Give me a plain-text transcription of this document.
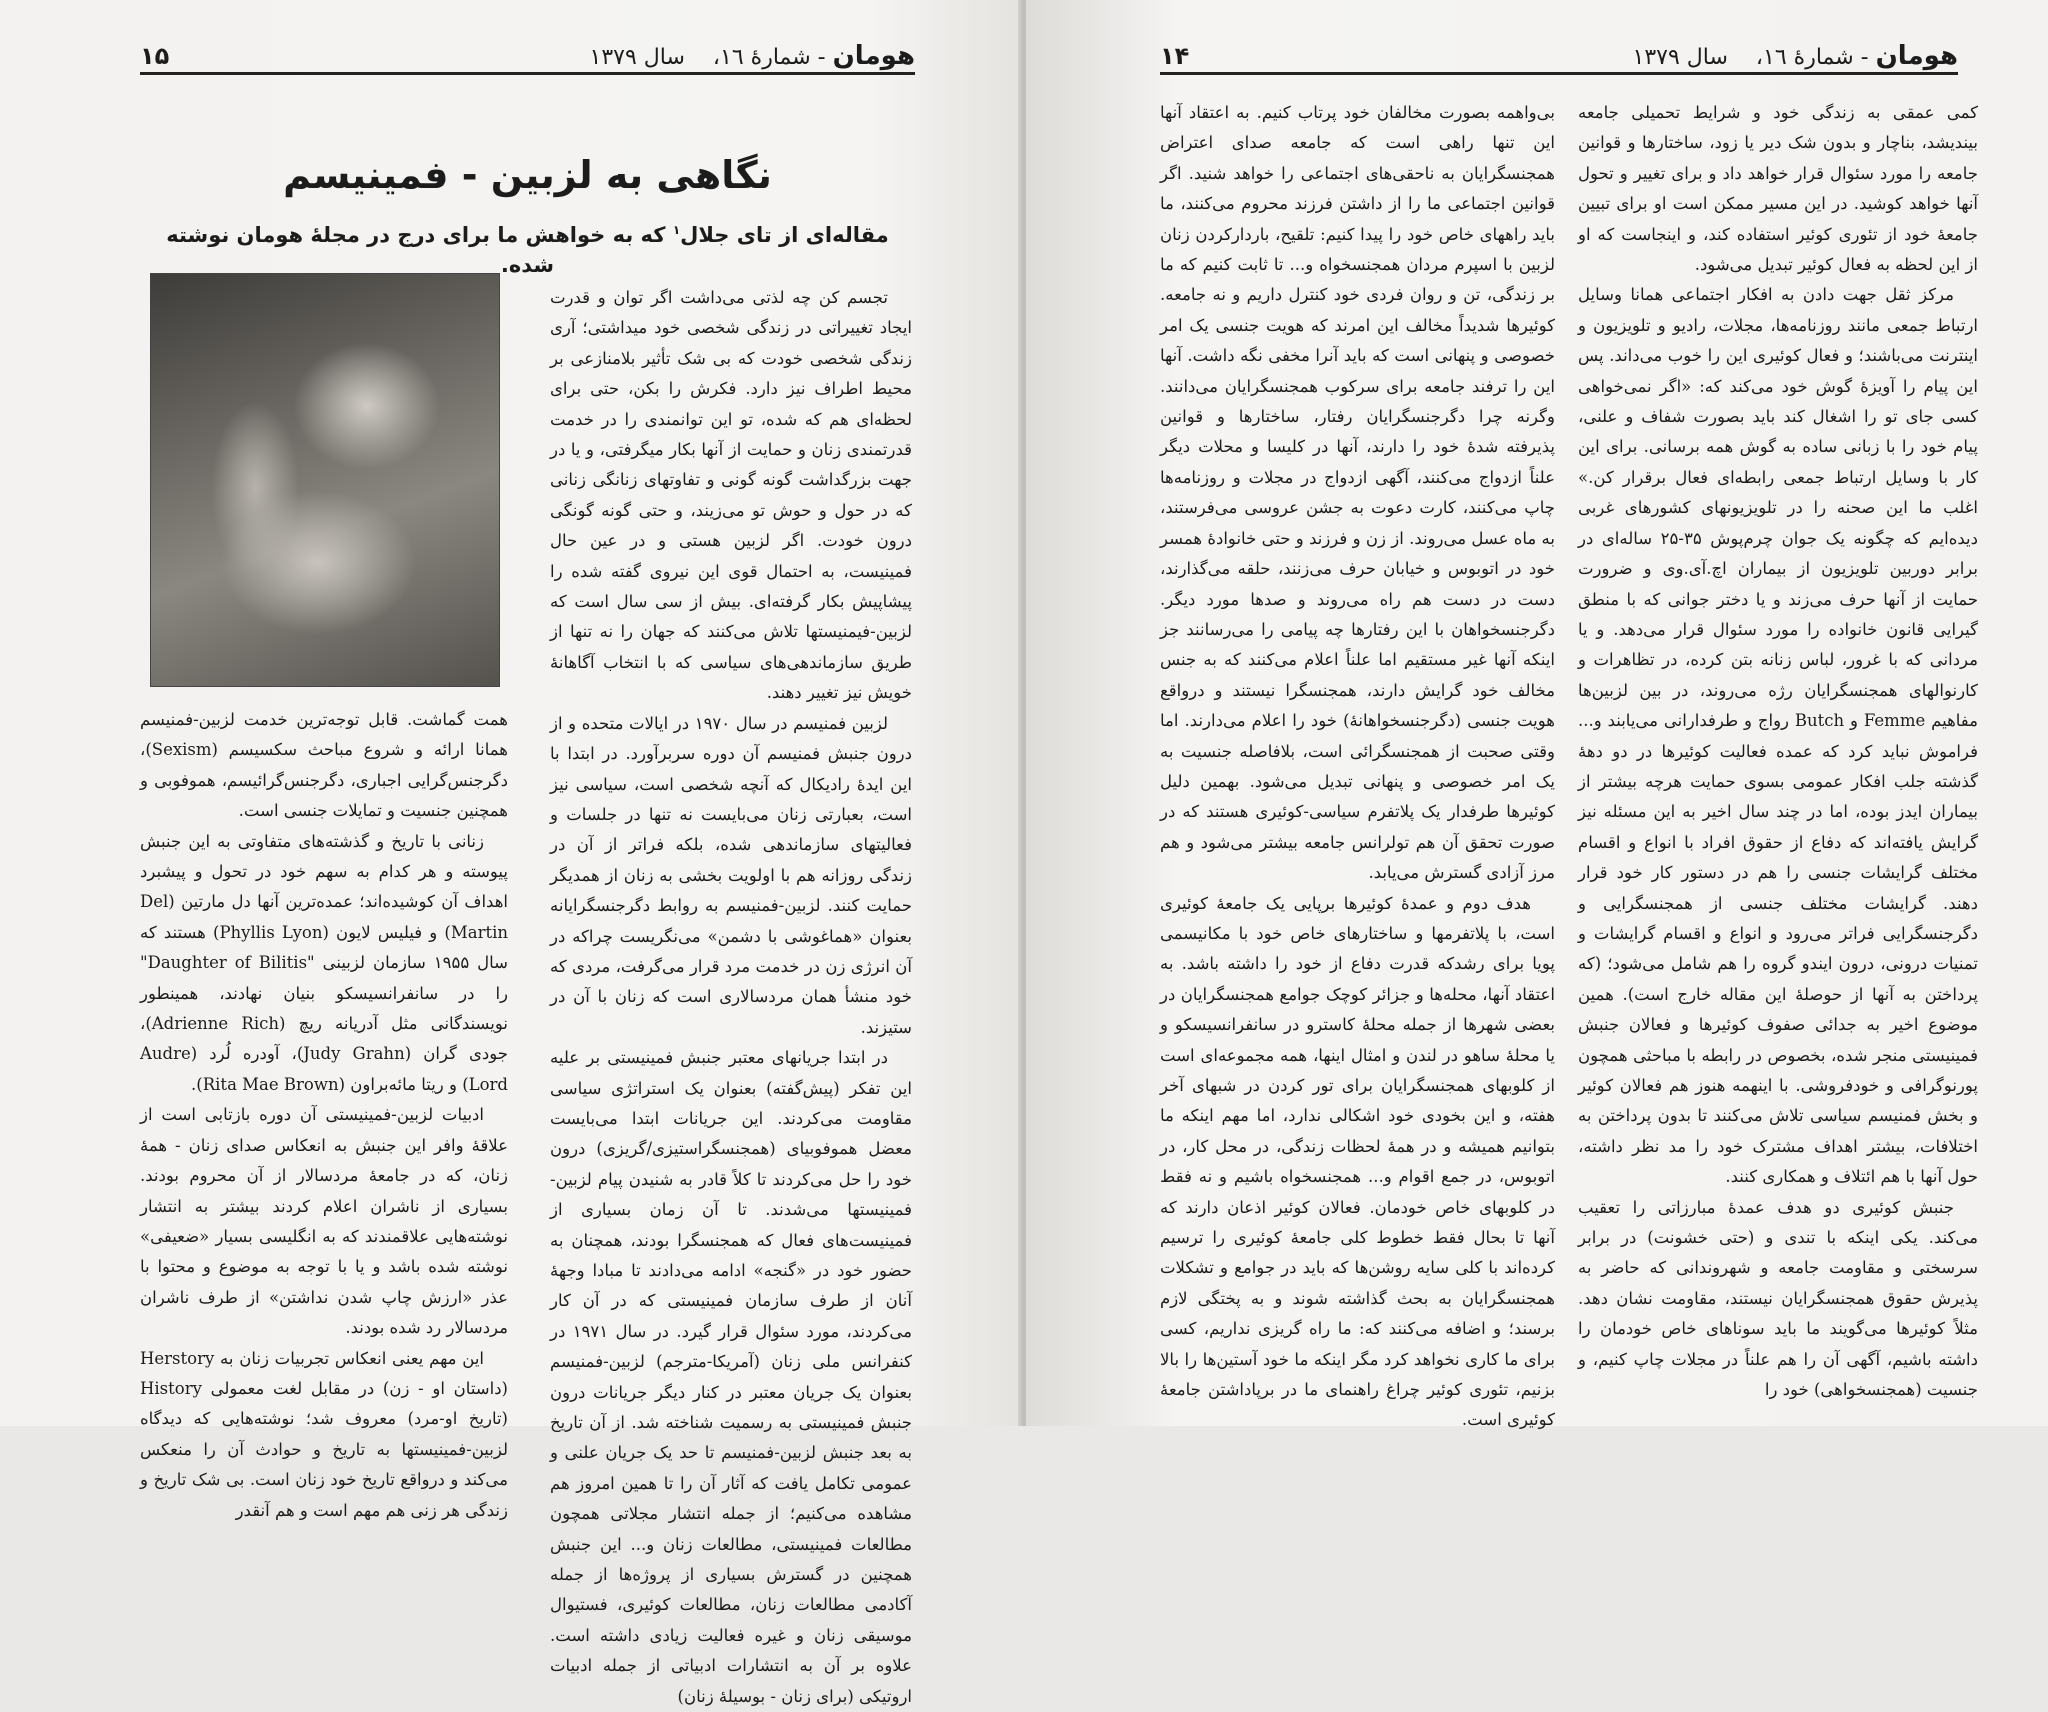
هومان - شمارهٔ ١٦،    سال ۱۳۷۹
۱۵
نگاهی به لزبین - فمینیسم
مقاله‌ای از تای جلال$^۱$ که به خواهش ما برای درج در مجلهٔ هومان نوشته شده.

تجسم کن چه لذتی می‌داشت اگر توان و قدرت ایجاد تغییراتی در زندگی شخصی خود میداشتی؛ آری زندگی شخصی خودت که بی شک تأثیر بلامنازعی بر محیط اطراف نیز دارد. فکرش را بکن، حتی برای لحظه‌ای هم که شده، تو این توانمندی را در خدمت قدرتمندی زنان و حمایت از آنها بکار میگرفتی، و یا در جهت بزرگداشت گونه گونی و تفاوتهای زنانگی زنانی که در حول و حوش تو می‌زیند، و حتی گونه گونگی درون خودت. اگر لزبین هستی و در عین حال فمینیست، به احتمال قوی این نیروی گفته شده را پیشاپیش بکار گرفته‌ای. بیش از سی سال است که لزبین-فیمنیستها تلاش می‌کنند که جهان را نه تنها از طریق سازماندهی‌های سیاسی که با انتخاب آگاهانهٔ خویش نیز تغییر دهند.

لزبین فمنیسم در سال ۱۹۷۰ در ایالات متحده و از درون جنبش فمنیسم آن دوره سربرآورد. در ابتدا با این ایدهٔ رادیکال که آنچه شخصی است، سیاسی نیز است، بعبارتی زنان می‌بایست نه تنها در جلسات و فعالیتهای سازماندهی شده، بلکه فراتر از آن در زندگی روزانه هم با اولویت بخشی به زنان از همدیگر حمایت کنند. لزبین-فمنیسم به روابط دگرجنسگرایانه بعنوان «هماغوشی با دشمن» می‌نگریست چراکه در آن انرژی زن در خدمت مرد قرار می‌گرفت، مردی که خود منشأ همان مردسالاری است که زنان با آن در ستیزند.

در ابتدا جریانهای معتبر جنبش فمینیستی بر علیه این تفکر (پیش‌گفته) بعنوان یک استراتژی سیاسی مقاومت می‌کردند. این جریانات ابتدا می‌بایست معضل هموفوبیای (همجنسگراستیزی/گریزی) درون خود را حل می‌کردند تا کلاً قادر به شنیدن پیام لزبین-فمینیستها می‌شدند. تا آن زمان بسیاری از فمینیست‌های فعال که همجنسگرا بودند، همچنان به حضور خود در «گنجه» ادامه می‌دادند تا مبادا وجههٔ آنان از طرف سازمان فمینیستی که در آن کار می‌کردند، مورد سئوال قرار گیرد. در سال ۱۹۷۱ در کنفرانس ملی زنان (آمریکا-مترجم) لزبین-فمنیسم بعنوان یک جریان معتبر در کنار دیگر جریانات درون جنبش فمینیستی به رسمیت شناخته شد. از آن تاریخ به بعد جنبش لزبین-فمنیسم تا حد یک جریان علنی و عمومی تکامل یافت که آثار آن را تا همین امروز هم مشاهده می‌کنیم؛ از جمله انتشار مجلاتی همچون مطالعات فمینیستی، مطالعات زنان و... این جنبش همچنین در گسترش بسیاری از پروژه‌ها از جمله آکادمی مطالعات زنان، مطالعات کوئیری، فستیوال موسیقی زنان و غیره فعالیت زیادی داشته است. علاوه بر آن به انتشارات ادبیاتی از جمله ادبیات اروتیکی (برای زنان - بوسیلهٔ زنان)

همت گماشت. قابل توجه‌ترین خدمت لزبین-فمنیسم همانا ارائه و شروع مباحث سکسیسم (Sexism)، دگرجنس‌گرایی اجباری، دگرجنس‌گرائیسم، هموفوبی و همچنین جنسیت و تمایلات جنسی است.

زنانی با تاریخ و گذشته‌های متفاوتی به این جنبش پیوسته و هر کدام به سهم خود در تحول و پیشبرد اهداف آن کوشیده‌اند؛ عمده‌ترین آنها دل مارتین (Del Martin) و فیلیس لایون (Phyllis Lyon) هستند که سال ۱۹۵۵ سازمان لزبینی "Daughter of Bilitis" را در سانفرانسیسکو بنیان نهادند، همینطور نویسندگانی مثل آدریانه ریچ (Adrienne Rich)، جودی گران (Judy Grahn)، آودره لُرد (Audre Lord) و ریتا مائه‌براون (Rita Mae Brown).

ادبیات لزبین-فمینیستی آن دوره بازتابی است از علاقهٔ وافر این جنبش به انعکاس صدای زنان - همهٔ زنان، که در جامعهٔ مردسالار از آن محروم بودند. بسیاری از ناشران اعلام کردند بیشتر به انتشار نوشته‌هایی علاقمندند که به انگلیسی بسیار «ضعیفی» نوشته شده باشد و یا با توجه به موضوع و محتوا با عذر «ارزش چاپ شدن نداشتن» از طرف ناشران مردسالار رد شده بودند.

این مهم یعنی انعکاس تجربیات زنان به Herstory (داستان او - زن) در مقابل لغت معمولی History (تاریخ او-مرد) معروف شد؛ نوشته‌هایی که دیدگاه لزبین-فمینیستها به تاریخ و حوادث آن را منعکس می‌کند و درواقع تاریخ خود زنان است. بی شک تاریخ و زندگی هر زنی هم مهم است و هم آنقدر

هومان - شمارهٔ ١٦،    سال ۱۳۷۹
۱۴

کمی عمقی به زندگی خود و شرایط تحمیلی جامعه بیندیشد، بناچار و بدون شک دیر یا زود، ساختارها و قوانین جامعه را مورد سئوال قرار خواهد داد و برای تغییر و تحول آنها خواهد کوشید. در این مسیر ممکن است او برای تبیین جامعهٔ خود از تئوری کوئیر استفاده کند، و اینجاست که او از این لحظه به فعال کوئیر تبدیل می‌شود.

مرکز ثقل جهت دادن به افکار اجتماعی همانا وسایل ارتباط جمعی مانند روزنامه‌ها، مجلات، رادیو و تلویزیون و اینترنت می‌باشند؛ و فعال کوئیری این را خوب می‌داند. پس این پیام را آویزهٔ گوش خود می‌کند که: «اگر نمی‌خواهی کسی جای تو را اشغال کند باید بصورت شفاف و علنی، پیام خود را با زبانی ساده به گوش همه برسانی. برای این کار با وسایل ارتباط جمعی رابطه‌ای فعال برقرار کن.» اغلب ما این صحنه را در تلویزیونهای کشورهای غربی دیده‌ایم که چگونه یک جوان چرم‌پوش ۳۵-۲۵ ساله‌ای در برابر دوربین تلویزیون از بیماران اچ.آی.وی و ضرورت حمایت از آنها حرف می‌زند و یا دختر جوانی که با منطق گیرایی قانون خانواده را مورد سئوال قرار می‌دهد. و یا مردانی که با غرور، لباس زنانه بتن کرده، در تظاهرات و کارنوالهای همجنسگرایان رژه می‌روند، در بین لزبین‌ها مفاهیم Femme و Butch رواج و طرفدارانی می‌یابند و... فراموش نباید کرد که عمده فعالیت کوئیرها در دو دههٔ گذشته جلب افکار عمومی بسوی حمایت هرچه بیشتر از بیماران ایدز بوده، اما در چند سال اخیر به این مسئله نیز گرایش یافته‌اند که دفاع از حقوق افراد با انواع و اقسام مختلف گرایشات جنسی را هم در دستور کار خود قرار دهند. گرایشات مختلف جنسی از همجنسگرایی و دگرجنسگرایی فراتر می‌رود و انواع و اقسام گرایشات و تمنیات درونی، درون ایندو گروه را هم شامل می‌شود؛ (که پرداختن به آنها از حوصلهٔ این مقاله خارج است). همین موضوع اخیر به جدائی صفوف کوئیرها و فعالان جنبش فمینیستی منجر شده، بخصوص در رابطه با مباحثی همچون پورنوگرافی و خودفروشی. با اینهمه هنوز هم فعالان کوئیر و بخش فمنیسم سیاسی تلاش می‌کنند تا بدون پرداختن به اختلافات، بیشتر اهداف مشترک خود را مد نظر داشته، حول آنها با هم ائتلاف و همکاری کنند.

جنبش کوئیری دو هدف عمدهٔ مبارزاتی را تعقیب می‌کند. یکی اینکه با تندی و (حتی خشونت) در برابر سرسختی و مقاومت جامعه و شهروندانی که حاضر به پذیرش حقوق همجنسگرایان نیستند، مقاومت نشان دهد. مثلاً کوئیرها می‌گویند ما باید سوناهای خاص خودمان را داشته باشیم، آگهی آن را هم علناً در مجلات چاپ کنیم، و جنسیت (همجنسخواهی) خود را

بی‌واهمه بصورت مخالفان خود پرتاب کنیم. به اعتقاد آنها این تنها راهی است که جامعه صدای اعتراض همجنسگرایان به ناحقی‌های اجتماعی را خواهد شنید. اگر قوانین اجتماعی ما را از داشتن فرزند محروم می‌کنند، ما باید راههای خاص خود را پیدا کنیم: تلقیح، باردارکردن زنان لزبین با اسپرم مردان همجنسخواه و... تا ثابت کنیم که ما بر زندگی، تن و روان فردی خود کنترل داریم و نه جامعه. کوئیرها شدیداً مخالف این امرند که هویت جنسی یک امر خصوصی و پنهانی است که باید آنرا مخفی نگه داشت. آنها این را ترفند جامعه برای سرکوب همجنسگرایان می‌دانند. وگرنه چرا دگرجنسگرایان رفتار، ساختارها و قوانین پذیرفته شدهٔ خود را دارند، آنها در کلیسا و محلات دیگر علناً ازدواج می‌کنند، آگهی ازدواج در مجلات و روزنامه‌ها چاپ می‌کنند، کارت دعوت به جشن عروسی می‌فرستند، به ماه عسل می‌روند. از زن و فرزند و حتی خانوادهٔ همسر خود در اتوبوس و خیابان حرف می‌زنند، حلقه می‌گذارند، دست در دست هم راه می‌روند و صدها مورد دیگر. دگرجنسخواهان با این رفتارها چه پیامی را می‌رسانند جز اینکه آنها غیر مستقیم اما علناً اعلام می‌کنند که به جنس مخالف خود گرایش دارند، همجنسگرا نیستند و درواقع هویت جنسی (دگرجنسخواهانهٔ) خود را اعلام می‌دارند. اما وقتی صحبت از همجنسگرائی است، بلافاصله جنسیت به یک امر خصوصی و پنهانی تبدیل می‌شود. بهمین دلیل کوئیرها طرفدار یک پلاتفرم سیاسی-کوئیری هستند که در صورت تحقق آن هم تولرانس جامعه بیشتر می‌شود و هم مرز آزادی گسترش می‌یابد.

هدف دوم و عمدهٔ کوئیرها برپایی یک جامعهٔ کوئیری است، با پلاتفرمها و ساختارهای خاص خود با مکانیسمی پویا برای رشدکه قدرت دفاع از خود را داشته باشد. به اعتقاد آنها، محله‌ها و جزائر کوچک جوامع همجنسگرایان در بعضی شهرها از جمله محلهٔ کاسترو در سانفرانسیسکو و یا محلهٔ ساهو در لندن و امثال اینها، همه مجموعه‌ای است از کلوبهای همجنسگرایان برای تور کردن در شبهای آخر هفته، و این بخودی خود اشکالی ندارد، اما مهم اینکه ما بتوانیم همیشه و در همهٔ لحظات زندگی، در محل کار، در اتوبوس، در جمع اقوام و... همجنسخواه باشیم و نه فقط در کلوبهای خاص خودمان. فعالان کوئیر اذعان دارند که آنها تا بحال فقط خطوط کلی جامعهٔ کوئیری را ترسیم کرده‌اند با کلی سایه روشن‌ها که باید در جوامع و تشکلات همجنسگرایان به بحث گذاشته شوند و به پختگی لازم برسند؛ و اضافه می‌کنند که: ما راه گریزی نداریم، کسی برای ما کاری نخواهد کرد مگر اینکه ما خود آستین‌ها را بالا بزنیم، تئوری کوئیر چراغ راهنمای ما در برپاداشتن جامعهٔ کوئیری است.
